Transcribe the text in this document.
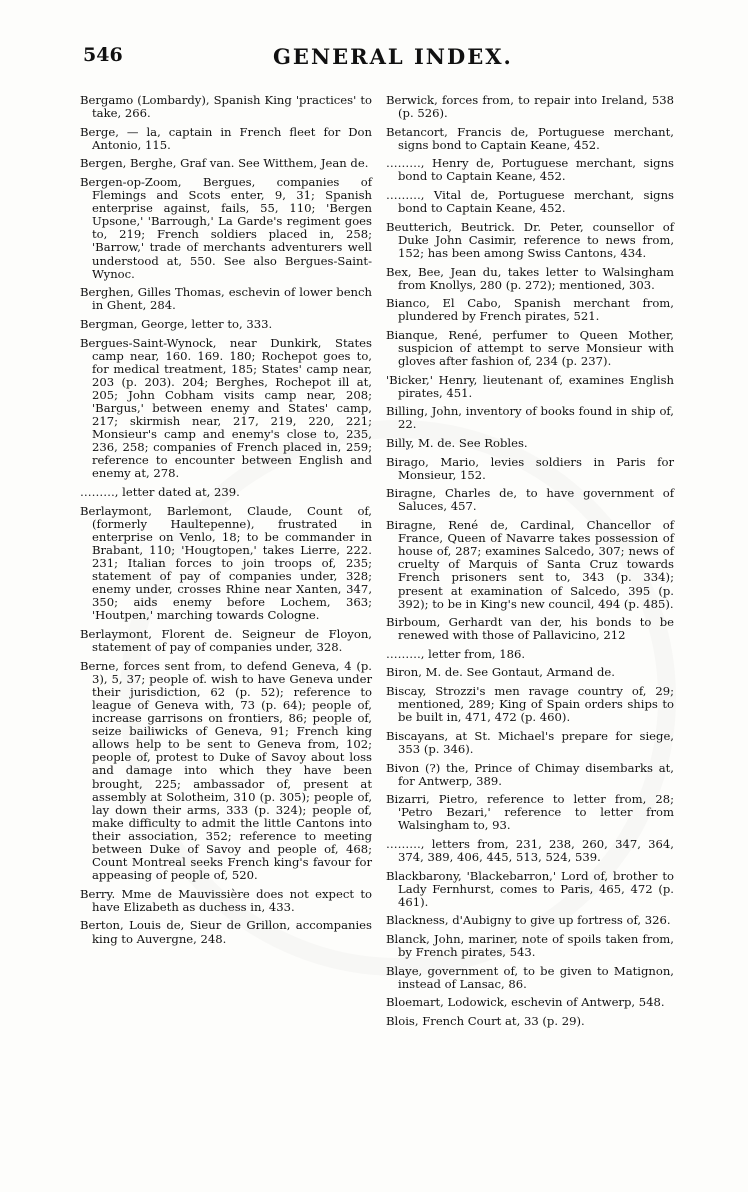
546	GENERAL INDEX.

Bergamo (Lombardy), Spanish King 'practices' to take, 266.

Berge, — la, captain in French fleet for Don Antonio, 115.

Bergen, Berghe, Graf van. See Witthem, Jean de.

Bergen-op-Zoom, Bergues, companies of Flemings and Scots enter, 9, 31; Spanish enterprise against, fails, 55, 110; 'Bergen Upsone,' 'Barrough,' La Garde's regiment goes to, 219; French soldiers placed in, 258; 'Barrow,' trade of merchants adventurers well understood at, 550. See also Bergues-Saint-Wynoc.

Berghen, Gilles Thomas, eschevin of lower bench in Ghent, 284.

Bergman, George, letter to, 333.

Bergues-Saint-Wynock, near Dunkirk, States camp near, 160. 169. 180; Rochepot goes to, for medical treatment, 185; States' camp near, 203 (p. 203). 204; Berghes, Rochepot ill at, 205; John Cobham visits camp near, 208; 'Bargus,' between enemy and States' camp, 217; skirmish near, 217, 219, 220, 221; Monsieur's camp and enemy's close to, 235, 236, 258; companies of French placed in, 259; reference to encounter between English and enemy at, 278.

………, letter dated at, 239.

Berlaymont, Barlemont, Claude, Count of, (formerly Haultepenne), frustrated in enterprise on Venlo, 18; to be commander in Brabant, 110; 'Hougtopen,' takes Lierre, 222. 231; Italian forces to join troops of, 235; statement of pay of companies under, 328; enemy under, crosses Rhine near Xanten, 347, 350; aids enemy before Lochem, 363; 'Houtpen,' marching towards Cologne.

Berlaymont, Florent de. Seigneur de Floyon, statement of pay of companies under, 328.

Berne, forces sent from, to defend Geneva, 4 (p. 3), 5, 37; people of. wish to have Geneva under their jurisdiction, 62 (p. 52); reference to league of Geneva with, 73 (p. 64); people of, increase garrisons on frontiers, 86; people of, seize bailiwicks of Geneva, 91; French king allows help to be sent to Geneva from, 102; people of, protest to Duke of Savoy about loss and damage into which they have been brought, 225; ambassador of, present at assembly at Solotheim, 310 (p. 305); people of, lay down their arms, 333 (p. 324); people of, make difficulty to admit the little Cantons into their association, 352; reference to meeting between Duke of Savoy and people of, 468; Count Montreal seeks French king's favour for appeasing of people of, 520.

Berry. Mme de Mauvissière does not expect to have Elizabeth as duchess in, 433.

Berton, Louis de, Sieur de Grillon, accompanies king to Auvergne, 248.

Berwick, forces from, to repair into Ireland, 538 (p. 526).

Betancort, Francis de, Portuguese merchant, signs bond to Captain Keane, 452.

………, Henry de, Portuguese merchant, signs bond to Captain Keane, 452.

………, Vital de, Portuguese merchant, signs bond to Captain Keane, 452.

Beutterich, Beutrick. Dr. Peter, counsellor of Duke John Casimir, reference to news from, 152; has been among Swiss Cantons, 434.

Bex, Bee, Jean du, takes letter to Walsingham from Knollys, 280 (p. 272); mentioned, 303.

Bianco, El Cabo, Spanish merchant from, plundered by French pirates, 521.

Bianque, René, perfumer to Queen Mother, suspicion of attempt to serve Monsieur with gloves after fashion of, 234 (p. 237).

'Bicker,' Henry, lieutenant of, examines English pirates, 451.

Billing, John, inventory of books found in ship of, 22.

Billy, M. de. See Robles.

Birago, Mario, levies soldiers in Paris for Monsieur, 152.

Biragne, Charles de, to have government of Saluces, 457.

Biragne, René de, Cardinal, Chancellor of France, Queen of Navarre takes possession of house of, 287; examines Salcedo, 307; news of cruelty of Marquis of Santa Cruz towards French prisoners sent to, 343 (p. 334); present at examination of Salcedo, 395 (p. 392); to be in King's new council, 494 (p. 485).

Birboum, Gerhardt van der, his bonds to be renewed with those of Pallavicino, 212

………, letter from, 186.

Biron, M. de. See Gontaut, Armand de.

Biscay, Strozzi's men ravage country of, 29; mentioned, 289; King of Spain orders ships to be built in, 471, 472 (p. 460).

Biscayans, at St. Michael's prepare for siege, 353 (p. 346).

Bivon (?) the, Prince of Chimay disembarks at, for Antwerp, 389.

Bizarri, Pietro, reference to letter from, 28; 'Petro Bezari,' reference to letter from Walsingham to, 93.

………, letters from, 231, 238, 260, 347, 364, 374, 389, 406, 445, 513, 524, 539.

Blackbarony, 'Blackebarron,' Lord of, brother to Lady Fernhurst, comes to Paris, 465, 472 (p. 461).

Blackness, d'Aubigny to give up fortress of, 326.

Blanck, John, mariner, note of spoils taken from, by French pirates, 543.

Blaye, government of, to be given to Matignon, instead of Lansac, 86.

Bloemart, Lodowick, eschevin of Antwerp, 548.

Blois, French Court at, 33 (p. 29).
